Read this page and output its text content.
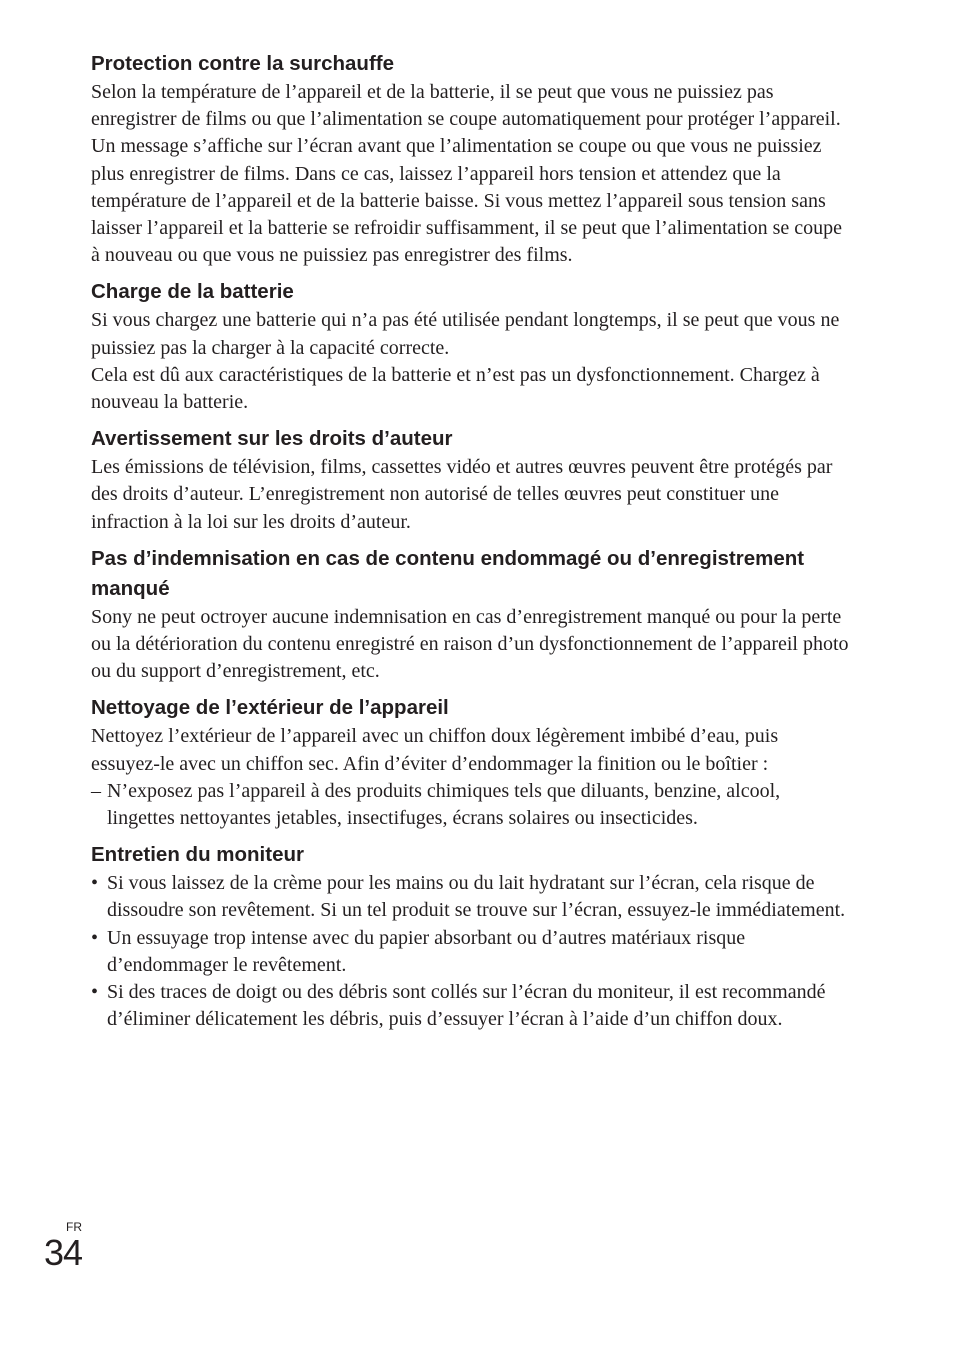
Protection contre la surchauffe

Selon la température de l’appareil et de la batterie, il se peut que vous ne puissiez pas enregistrer de films ou que l’alimentation se coupe automatiquement pour protéger l’appareil.

Un message s’affiche sur l’écran avant que l’alimentation se coupe ou que vous ne puissiez plus enregistrer de films. Dans ce cas, laissez l’appareil hors tension et attendez que la température de l’appareil et de la batterie baisse. Si vous mettez l’appareil sous tension sans laisser l’appareil et la batterie se refroidir suffisamment, il se peut que l’alimentation se coupe à nouveau ou que vous ne puissiez pas enregistrer des films.

Charge de la batterie

Si vous chargez une batterie qui n’a pas été utilisée pendant longtemps, il se peut que vous ne puissiez pas la charger à la capacité correcte.

Cela est dû aux caractéristiques de la batterie et n’est pas un dysfonctionnement. Chargez à nouveau la batterie.

Avertissement sur les droits d’auteur

Les émissions de télévision, films, cassettes vidéo et autres œuvres peuvent être protégés par des droits d’auteur. L’enregistrement non autorisé de telles œuvres peut constituer une infraction à la loi sur les droits d’auteur.

Pas d’indemnisation en cas de contenu endommagé ou d’enregistrement manqué

Sony ne peut octroyer aucune indemnisation en cas d’enregistrement manqué ou pour la perte ou la détérioration du contenu enregistré en raison d’un dysfonctionnement de l’appareil photo ou du support d’enregistrement, etc.

Nettoyage de l’extérieur de l’appareil

Nettoyez l’extérieur de l’appareil avec un chiffon doux légèrement imbibé d’eau, puis essuyez-le avec un chiffon sec. Afin d’éviter d’endommager la finition ou le boîtier :

– N’exposez pas l’appareil à des produits chimiques tels que diluants, benzine, alcool, lingettes nettoyantes jetables, insectifuges, écrans solaires ou insecticides.
Entretien du moniteur
• Si vous laissez de la crème pour les mains ou du lait hydratant sur l’écran, cela risque de dissoudre son revêtement. Si un tel produit se trouve sur l’écran, essuyez-le immédiatement.
• Un essuyage trop intense avec du papier absorbant ou d’autres matériaux risque d’endommager le revêtement.
• Si des traces de doigt ou des débris sont collés sur l’écran du moniteur, il est recommandé d’éliminer délicatement les débris, puis d’essuyer l’écran à l’aide d’un chiffon doux.
FR
34
